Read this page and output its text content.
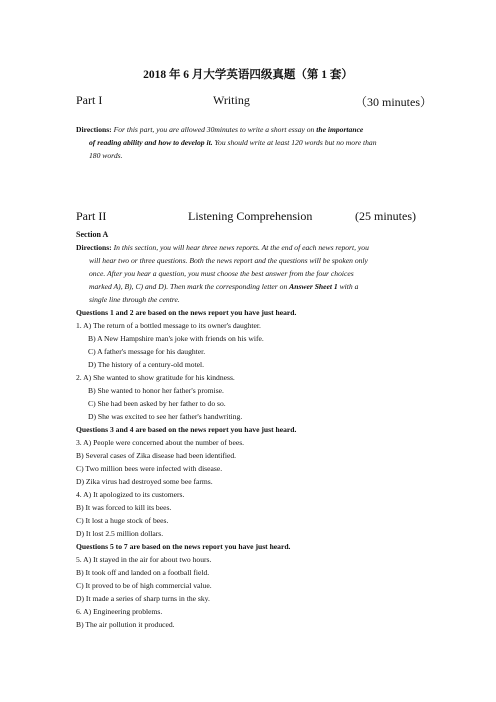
2018 年 6 月大学英语四级真题（第 1 套）
Part I	Writing	（30 minutes）
Directions: For this part, you are allowed 30minutes to write a short essay on the importance
of reading ability and how to develop it. You should write at least 120 words but no more than
180 words.
Part II	Listening Comprehension	(25 minutes)
Section A
Directions: In this section, you will hear three news reports. At the end of each news report, you
will hear two or three questions. Both the news report and the questions will be spoken only
once. After you hear a question, you must choose the best answer from the four choices
marked A), B), C) and D). Then mark the corresponding letter on Answer Sheet 1 with a
single line through the centre.
Questions 1 and 2 are based on the news report you have just heard.
1. A) The return of a bottled message to its owner's daughter.
B) A New Hampshire man's joke with friends on his wife.
C) A father's message for his daughter.
D) The history of a century-old motel.
2. A) She wanted to show gratitude for his kindness.
B) She wanted to honor her father's promise.
C) She had been asked by her father to do so.
D) She was excited to see her father's handwriting.
Questions 3 and 4 are based on the news report you have just heard.
3. A) People were concerned about the number of bees.
B) Several cases of Zika disease had been identified.
C) Two million bees were infected with disease.
D) Zika virus had destroyed some bee farms.
4. A) It apologized to its customers.
B) It was forced to kill its bees.
C) It lost a huge stock of bees.
D) It lost 2.5 million dollars.
Questions 5 to 7 are based on the news report you have just heard.
5. A) It stayed in the air for about two hours.
B) It took off and landed on a football field.
C) It proved to be of high commercial value.
D) It made a series of sharp turns in the sky.
6. A) Engineering problems.
B) The air pollution it produced.
